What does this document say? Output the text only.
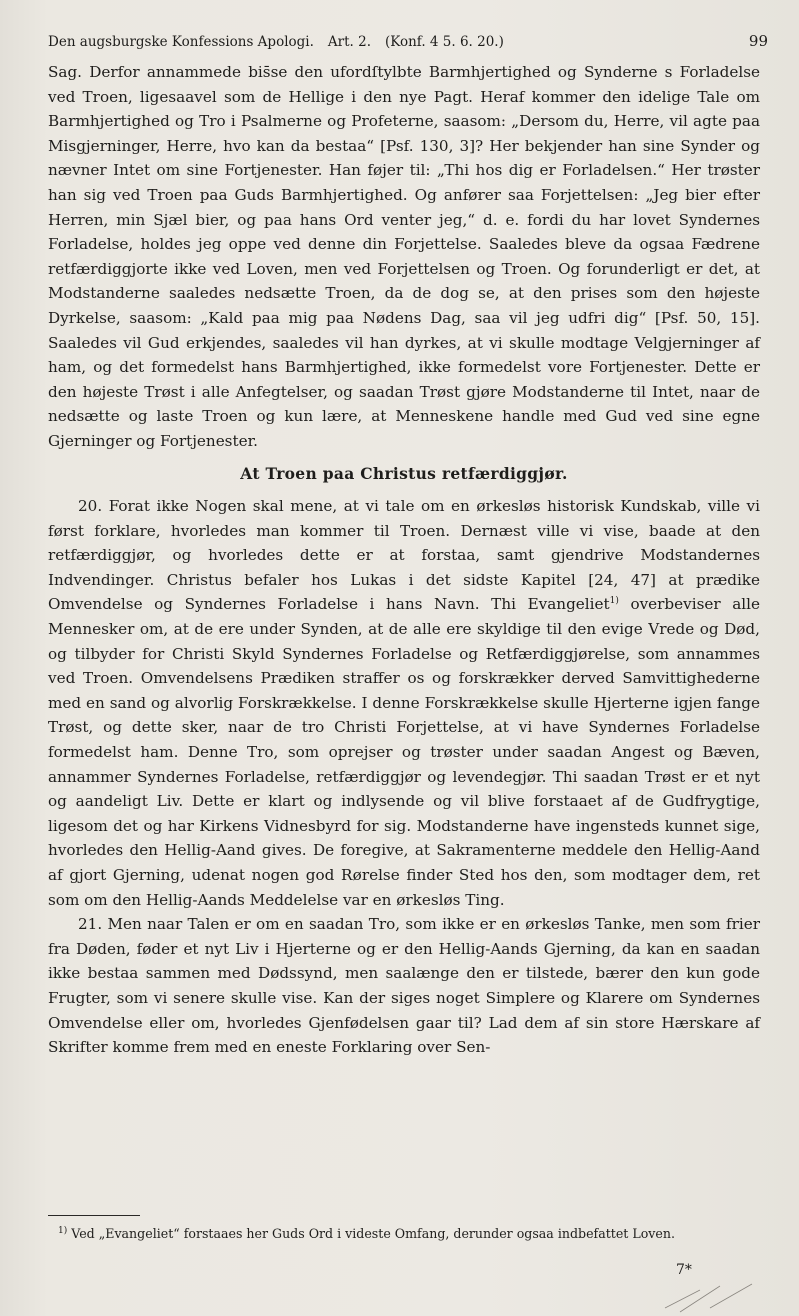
Den augsburgske Konfessions Apologi. Art. 2. (Konf. 4 5. 6. 20.)	99

Sag. Derfor annammede bis̄se den ufordſtylbte Barmhjertighed og Synderne s Forladelse ved Troen, ligesaavel som de Hellige i den nye Pagt. Heraf kommer den idelige Tale om Barmhjertighed og Tro i Psalmerne og Profeterne, saasom: „Dersom du, Herre, vil agte paa Misgjerninger, Herre, hvo kan da bestaa“ [Psf. 130, 3]? Her bekjender han sine Synder og nævner Intet om sine Fortjenester. Han føjer til: „Thi hos dig er Forladelsen.“ Her trøster han sig ved Troen paa Guds Barmhjertighed. Og anfører saa Forjettelsen: „Jeg bier efter Herren, min Sjæl bier, og paa hans Ord venter jeg,“ d. e. fordi du har lovet Syndernes Forladelse, holdes jeg oppe ved denne din Forjettelse. Saaledes bleve da ogsaa Fædrene retfærdiggjorte ikke ved Loven, men ved Forjettelsen og Troen. Og forunderligt er det, at Modstanderne saaledes nedsætte Troen, da de dog se, at den prises som den højeste Dyrkelse, saasom: „Kald paa mig paa Nødens Dag, saa vil jeg udfri dig“ [Psf. 50, 15]. Saaledes vil Gud erkjendes, saaledes vil han dyrkes, at vi skulle modtage Velgjerninger af ham, og det formedelst hans Barmhjertighed, ikke formedelst vore Fortjenester. Dette er den højeste Trøst i alle Anfegtelser, og saadan Trøst gjøre Modstanderne til Intet, naar de nedsætte og laste Troen og kun lære, at Menneskene handle med Gud ved sine egne Gjerninger og Fortjenester.

At Troen paa Christus retfærdiggjør.

20. Forat ikke Nogen skal mene, at vi tale om en ørkesløs historisk Kundskab, ville vi først forklare, hvorledes man kommer til Troen. Dernæst ville vi vise, baade at den retfærdiggjør, og hvorledes dette er at forstaa, samt gjendrive Modstandernes Indvendinger. Christus befaler hos Lukas i det sidste Kapitel [24, 47] at prædike Omvendelse og Syndernes Forladelse i hans Navn. Thi Evangeliet$^{1)}$ overbeviser alle Mennesker om, at de ere under Synden, at de alle ere skyldige til den evige Vrede og Død, og tilbyder for Christi Skyld Syndernes Forladelse og Retfærdiggjørelse, som annammes ved Troen. Omvendelsens Prædiken straffer os og forskrækker derved Samvittighederne med en sand og alvorlig Forskrækkelse. I denne Forskrækkelse skulle Hjerterne igjen fange Trøst, og dette sker, naar de tro Christi Forjettelse, at vi have Syndernes Forladelse formedelst ham. Denne Tro, som oprejser og trøster under saadan Angest og Bæven, annammer Syndernes Forladelse, retfærdiggjør og levendegjør. Thi saadan Trøst er et nyt og aandeligt Liv. Dette er klart og indlysende og vil blive forstaaet af de Gudfrygtige, ligesom det og har Kirkens Vidnesbyrd for sig. Modstanderne have ingensteds kunnet sige, hvorledes den Hellig-Aand gives. De foregive, at Sakramenterne meddele den Hellig-Aand af gjort Gjerning, udenat nogen god Rørelse finder Sted hos den, som modtager dem, ret som om den Hellig-Aands Meddelelse var en ørkesløs Ting.

21. Men naar Talen er om en saadan Tro, som ikke er en ørkesløs Tanke, men som frier fra Døden, føder et nyt Liv i Hjerterne og er den Hellig-Aands Gjerning, da kan en saadan ikke bestaa sammen med Dødssynd, men saalænge den er tilstede, bærer den kun gode Frugter, som vi senere skulle vise. Kan der siges noget Simplere og Klarere om Syndernes Omvendelse eller om, hvorledes Gjenfødelsen gaar til? Lad dem af sin store Hærskare af Skrifter komme frem med en eneste Forklaring over Sen-

$^{1)}$ Ved „Evangeliet“ forstaaes her Guds Ord i videste Omfang, derunder ogsaa indbefattet Loven.
7*
